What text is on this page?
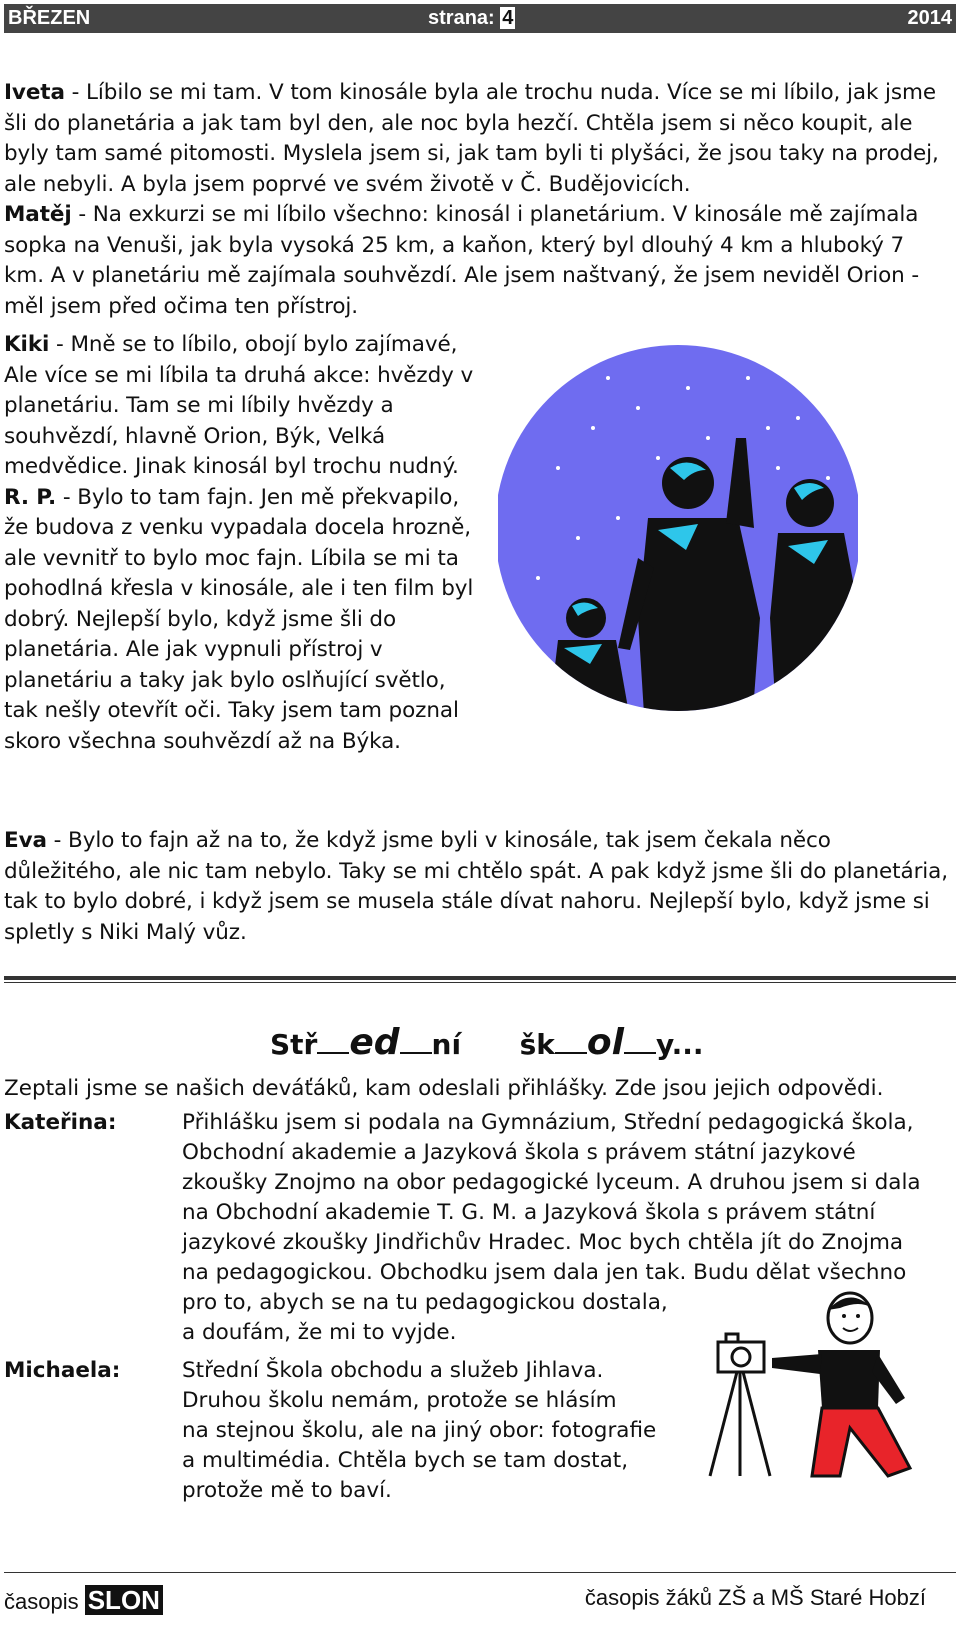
BŘEZEN	strana: 4	2014

Iveta - Líbilo se mi tam. V tom kinosále byla ale trochu nuda. Více se mi líbilo, jak jsme šli do planetária a jak tam byl den, ale noc byla hezčí. Chtěla jsem si něco koupit, ale byly tam samé pitomosti. Myslela jsem si, jak tam byli ti plyšáci, že jsou taky na prodej, ale nebyli. A byla jsem poprvé ve svém životě v Č. Budějovicích.

Matěj - Na exkurzi se mi líbilo všechno: kinosál i planetárium. V kinosále mě zajímala sopka na Venuši, jak byla vysoká 25 km, a kaňon, který byl dlouhý 4 km a hluboký 7 km. A v planetáriu mě zajímala souhvězdí. Ale jsem naštvaný, že jsem neviděl Orion - měl jsem před očima ten přístroj.

Kiki - Mně se to líbilo, obojí bylo zajímavé, Ale více se mi líbila ta druhá akce: hvězdy v planetáriu. Tam se mi líbily hvězdy a souhvězdí, hlavně Orion, Býk, Velká medvědice. Jinak kinosál byl trochu nudný.

R. P. - Bylo to tam fajn. Jen mě překvapilo, že budova z venku vypadala docela hrozně, ale vevnitř to bylo moc fajn. Líbila se mi ta pohodlná křesla v kinosále, ale i ten film byl dobrý. Nejlepší bylo, když jsme šli do planetária. Ale jak vypnuli přístroj v planetáriu a taky jak bylo oslňující světlo, tak nešly otevřít oči. Taky jsem tam poznal skoro všechna souhvězdí až na Býka.

Eva - Bylo to fajn až na to, že když jsme byli v kinosále, tak jsem čekala něco důležitého, ale nic tam nebylo. Taky se mi chtělo spát. A pak když jsme šli do planetária, tak to bylo dobré, i když jsem se musela stále dívat nahoru. Nejlepší bylo, když jsme si spletly s Niki Malý vůz.

Stř ed ní šk ol y...
Zeptali jsme se našich deváťáků, kam odeslali přihlášky. Zde jsou jejich odpovědi.
Kateřina:	Přihlášku jsem si podala na Gymnázium, Střední pedagogická škola,

Obchodní akademie a Jazyková škola s právem státní jazykové

zkoušky Znojmo na obor pedagogické lyceum. A druhou jsem si dala

na Obchodní akademie T. G. M. a Jazyková škola s právem státní

jazykové zkoušky Jindřichův Hradec. Moc bych chtěla jít do Znojma

na pedagogickou. Obchodku jsem dala jen tak. Budu dělat všechno

pro to, abych se na tu pedagogickou dostala,

a doufám, že mi to vyjde.

Michaela:	Střední Škola obchodu a služeb Jihlava.

Druhou školu nemám, protože se hlásím

na stejnou školu, ale na jiný obor: fotografie

a multimédia. Chtěla bych se tam dostat,

protože mě to baví.

časopis SLON	časopis žáků ZŠ a MŠ Staré Hobzí
